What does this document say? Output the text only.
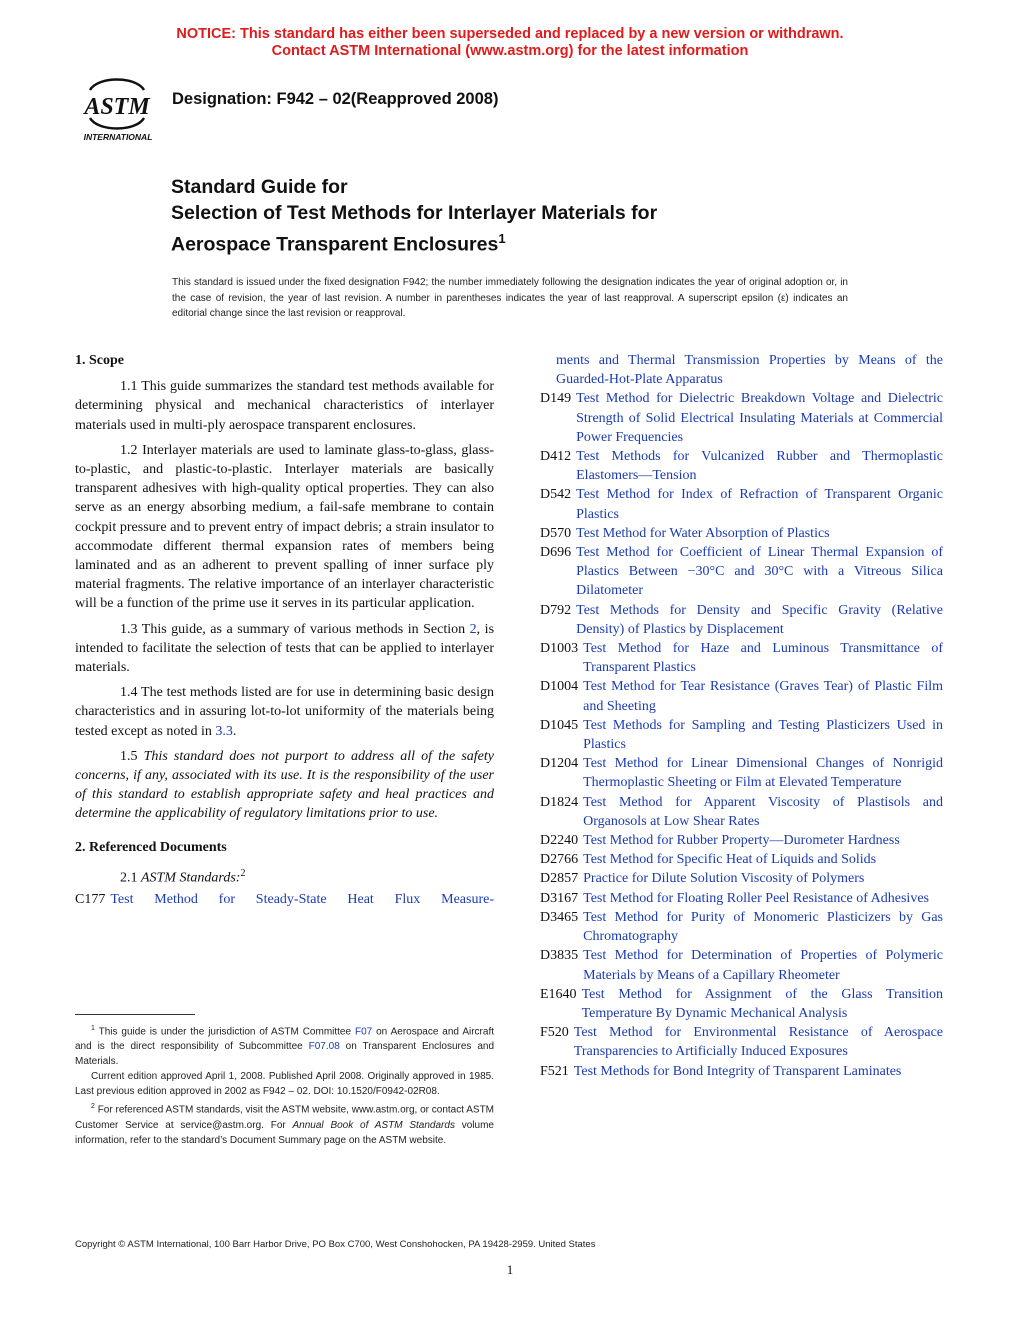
NOTICE: This standard has either been superseded and replaced by a new version or withdrawn.
Contact ASTM International (www.astm.org) for the latest information
ASTM
INTERNATIONAL
Designation: F942 – 02(Reapproved 2008)
Standard Guide for
Selection of Test Methods for Interlayer Materials for
Aerospace Transparent Enclosures$^1$
This standard is issued under the fixed designation F942; the number immediately following the designation indicates the year of original adoption or, in the case of revision, the year of last revision. A number in parentheses indicates the year of last reapproval. A superscript epsilon (ε) indicates an editorial change since the last revision or reapproval.
1. Scope
1.1 This guide summarizes the standard test methods available for determining physical and mechanical characteristics of interlayer materials used in multi-ply aerospace transparent enclosures.
1.2 Interlayer materials are used to laminate glass-to-glass, glass-to-plastic, and plastic-to-plastic. Interlayer materials are basically transparent adhesives with high-quality optical properties. They can also serve as an energy absorbing medium, a fail-safe membrane to contain cockpit pressure and to prevent entry of impact debris; a strain insulator to accommodate different thermal expansion rates of members being laminated and as an adherent to prevent spalling of inner surface ply material fragments. The relative importance of an interlayer characteristic will be a function of the prime use it serves in its particular application.
1.3 This guide, as a summary of various methods in Section 2, is intended to facilitate the selection of tests that can be applied to interlayer materials.
1.4 The test methods listed are for use in determining basic design characteristics and in assuring lot-to-lot uniformity of the materials being tested except as noted in 3.3.
1.5 This standard does not purport to address all of the safety concerns, if any, associated with its use. It is the responsibility of the user of this standard to establish appropriate safety and heal practices and determine the applicability of regulatory limitations prior to use.
2. Referenced Documents
2.1 ASTM Standards:$^2$
C177 Test Method for Steady-State Heat Flux Measure-
ments and Thermal Transmission Properties by Means of the Guarded-Hot-Plate Apparatus
D149 Test Method for Dielectric Breakdown Voltage and Dielectric Strength of Solid Electrical Insulating Materials at Commercial Power Frequencies
D412 Test Methods for Vulcanized Rubber and Thermoplastic Elastomers—Tension
D542 Test Method for Index of Refraction of Transparent Organic Plastics
D570 Test Method for Water Absorption of Plastics
D696 Test Method for Coefficient of Linear Thermal Expansion of Plastics Between −30°C and 30°C with a Vitreous Silica Dilatometer
D792 Test Methods for Density and Specific Gravity (Relative Density) of Plastics by Displacement
D1003 Test Method for Haze and Luminous Transmittance of Transparent Plastics
D1004 Test Method for Tear Resistance (Graves Tear) of Plastic Film and Sheeting
D1045 Test Methods for Sampling and Testing Plasticizers Used in Plastics
D1204 Test Method for Linear Dimensional Changes of Nonrigid Thermoplastic Sheeting or Film at Elevated Temperature
D1824 Test Method for Apparent Viscosity of Plastisols and Organosols at Low Shear Rates
D2240 Test Method for Rubber Property—Durometer Hardness
D2766 Test Method for Specific Heat of Liquids and Solids
D2857 Practice for Dilute Solution Viscosity of Polymers
D3167 Test Method for Floating Roller Peel Resistance of Adhesives
D3465 Test Method for Purity of Monomeric Plasticizers by Gas Chromatography
D3835 Test Method for Determination of Properties of Polymeric Materials by Means of a Capillary Rheometer
E1640 Test Method for Assignment of the Glass Transition Temperature By Dynamic Mechanical Analysis
F520 Test Method for Environmental Resistance of Aerospace Transparencies to Artificially Induced Exposures
F521 Test Methods for Bond Integrity of Transparent Laminates

$^1$ This guide is under the jurisdiction of ASTM Committee F07 on Aerospace and Aircraft and is the direct responsibility of Subcommittee F07.08 on Transparent Enclosures and Materials.

Current edition approved April 1, 2008. Published April 2008. Originally approved in 1985. Last previous edition approved in 2002 as F942 – 02. DOI: 10.1520/F0942-02R08.

$^2$ For referenced ASTM standards, visit the ASTM website, www.astm.org, or contact ASTM Customer Service at service@astm.org. For Annual Book of ASTM Standards volume information, refer to the standard’s Document Summary page on the ASTM website.

Copyright © ASTM International, 100 Barr Harbor Drive, PO Box C700, West Conshohocken, PA 19428-2959. United States
1
